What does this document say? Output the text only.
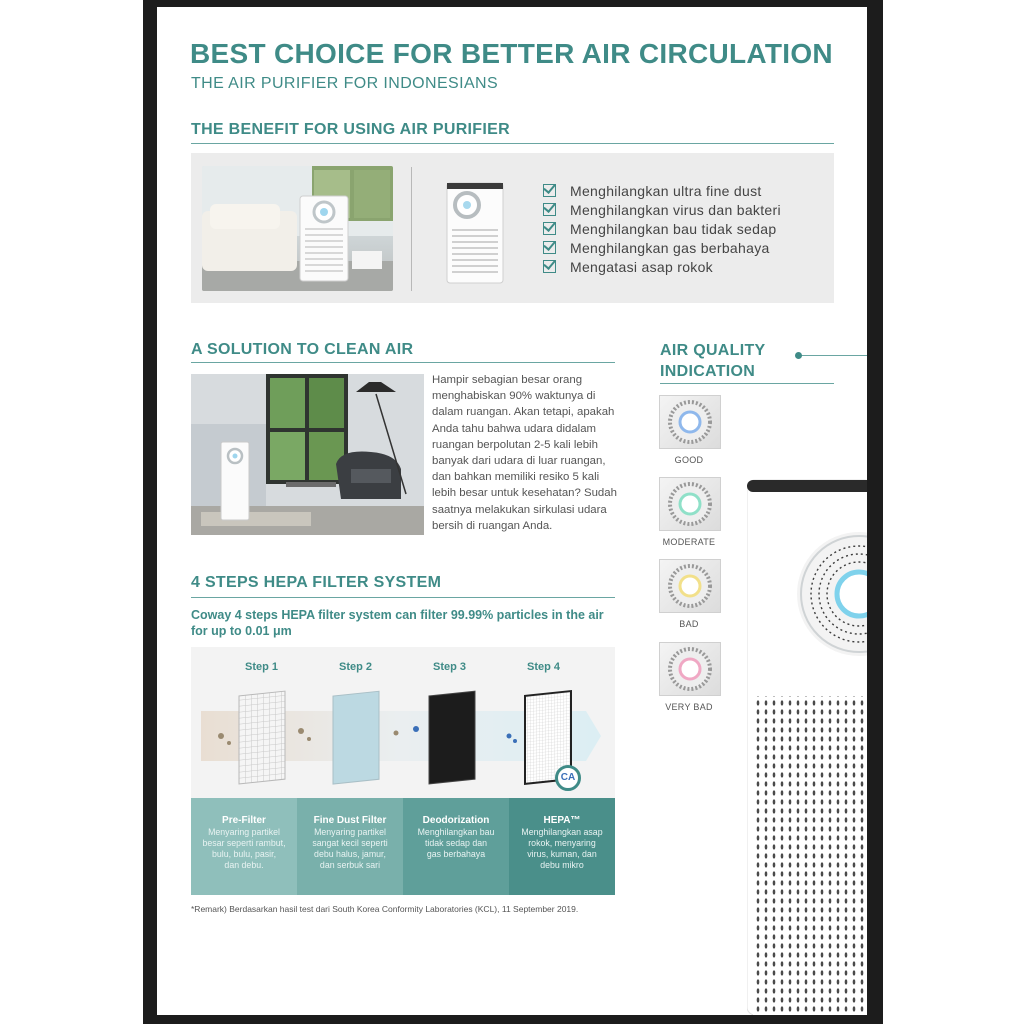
BEST CHOICE FOR BETTER AIR CIRCULATION
THE AIR PURIFIER FOR INDONESIANS
THE BENEFIT FOR USING AIR PURIFIER
Menghilangkan ultra fine dust
Menghilangkan virus dan bakteri
Menghilangkan bau tidak sedap
Menghilangkan gas berbahaya
Mengatasi asap rokok
A SOLUTION TO CLEAN AIR
Hampir sebagian besar orang
menghabiskan 90% waktunya di
dalam ruangan. Akan tetapi, apakah
Anda tahu bahwa udara didalam
ruangan berpolutan 2-5 kali lebih
banyak dari udara di luar ruangan,
dan bahkan memiliki resiko 5 kali
lebih besar untuk kesehatan? Sudah
saatnya melakukan sirkulasi udara
bersih di ruangan Anda.
4 STEPS HEPA FILTER SYSTEM
Coway 4 steps HEPA filter system can filter 99.99% particles in the air
for up to 0.01 μm
Step 1	Step 2	Step 3	Step 4
CA
Pre-Filter
Menyaring partikel
besar seperti rambut,
bulu, bulu, pasir,
dan debu.
Fine Dust Filter
Menyaring partikel
sangat kecil seperti
debu halus, jamur,
dan serbuk sari
Deodorization
Menghilangkan bau
tidak sedap dan
gas berbahaya
HEPA™
Menghilangkan asap
rokok, menyaring
virus, kuman, dan
debu mikro
*Remark) Berdasarkan hasil test dari South Korea Conformity Laboratories (KCL), 11 September 2019.
AIR QUALITY
INDICATION
GOOD
MODERATE
BAD
VERY BAD
